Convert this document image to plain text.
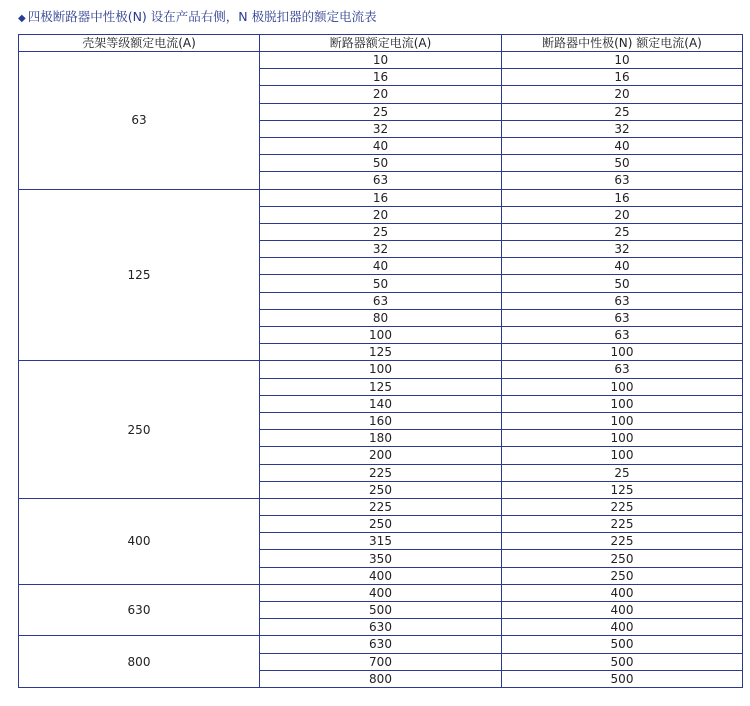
◆ 四极断路器中性极(N) 设在产品右侧，N 极脱扣器的额定电流表
壳架等级额定电流(A)	断路器额定电流(A)	断路器中性极(N) 额定电流(A)
63	10	10
	16	16
	20	20
	25	25
	32	32
	40	40
	50	50
	63	63
125	16	16
	20	20
	25	25
	32	32
	40	40
	50	50
	63	63
	80	63
	100	63
	125	100
250	100	63
	125	100
	140	100
	160	100
	180	100
	200	100
	225	25
	250	125
400	225	225
	250	225
	315	225
	350	250
	400	250
630	400	400
	500	400
	630	400
800	630	500
	700	500
	800	500
